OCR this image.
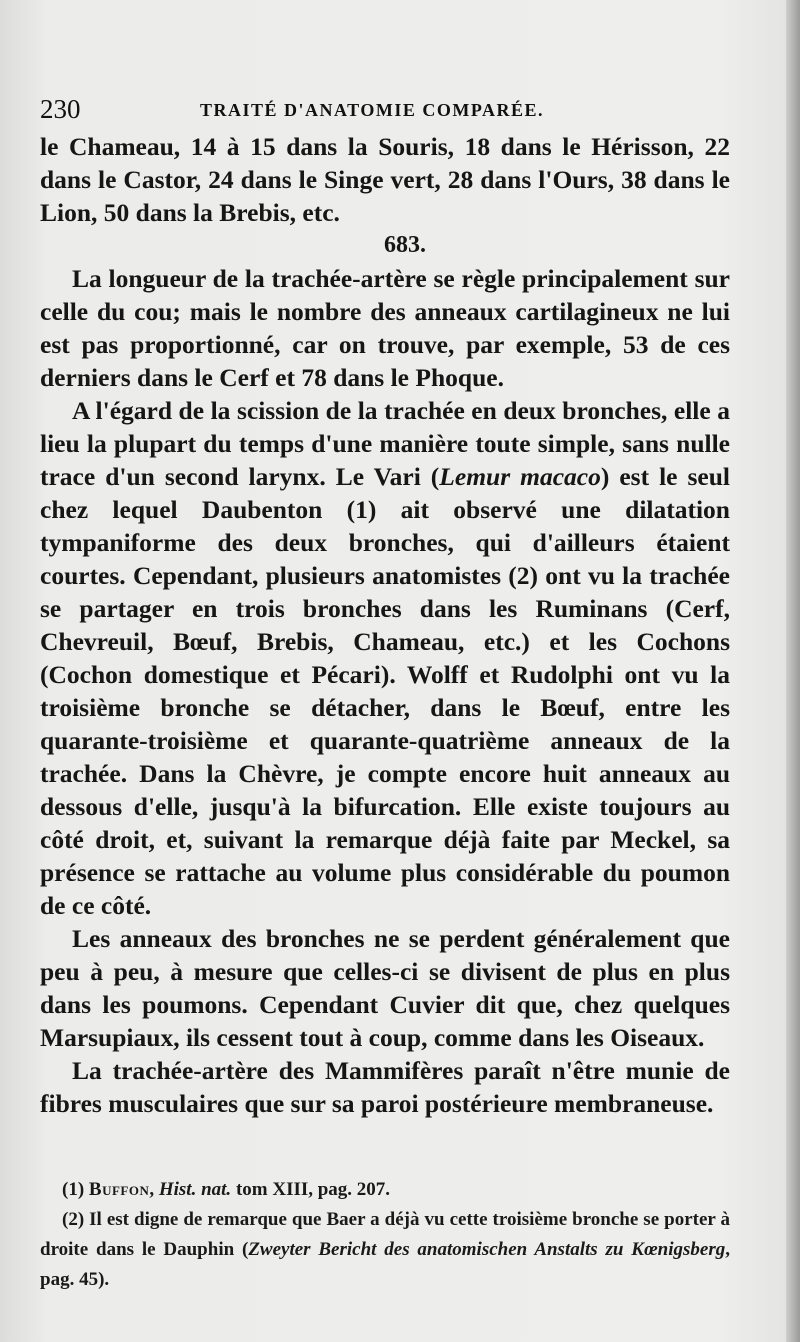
230	TRAITÉ D'ANATOMIE COMPARÉE.

le Chameau, 14 à 15 dans la Souris, 18 dans le Hérisson, 22 dans le Castor, 24 dans le Singe vert, 28 dans l'Ours, 38 dans le Lion, 50 dans la Brebis, etc.

683.

La longueur de la trachée-artère se règle principalement sur celle du cou; mais le nombre des anneaux cartilagineux ne lui est pas proportionné, car on trouve, par exemple, 53 de ces derniers dans le Cerf et 78 dans le Phoque.

A l'égard de la scission de la trachée en deux bronches, elle a lieu la plupart du temps d'une manière toute simple, sans nulle trace d'un second larynx. Le Vari (Lemur macaco) est le seul chez lequel Daubenton (1) ait observé une dilatation tympaniforme des deux bronches, qui d'ailleurs étaient courtes. Cependant, plusieurs anatomistes (2) ont vu la trachée se partager en trois bronches dans les Ruminans (Cerf, Chevreuil, Bœuf, Brebis, Chameau, etc.) et les Cochons (Cochon domestique et Pécari). Wolff et Rudolphi ont vu la troisième bronche se détacher, dans le Bœuf, entre les quarante-troisième et quarante-quatrième anneaux de la trachée. Dans la Chèvre, je compte encore huit anneaux au dessous d'elle, jusqu'à la bifurcation. Elle existe toujours au côté droit, et, suivant la remarque déjà faite par Meckel, sa présence se rattache au volume plus considérable du poumon de ce côté.

Les anneaux des bronches ne se perdent généralement que peu à peu, à mesure que celles-ci se divisent de plus en plus dans les poumons. Cependant Cuvier dit que, chez quelques Marsupiaux, ils cessent tout à coup, comme dans les Oiseaux.

La trachée-artère des Mammifères paraît n'être munie de fibres musculaires que sur sa paroi postérieure membraneuse.

(1) Buffon, Hist. nat. tom XIII, pag. 207.

(2) Il est digne de remarque que Baer a déjà vu cette troisième bronche se porter à droite dans le Dauphin (Zweyter Bericht des anatomischen Anstalts zu Kœnigsberg, pag. 45).
